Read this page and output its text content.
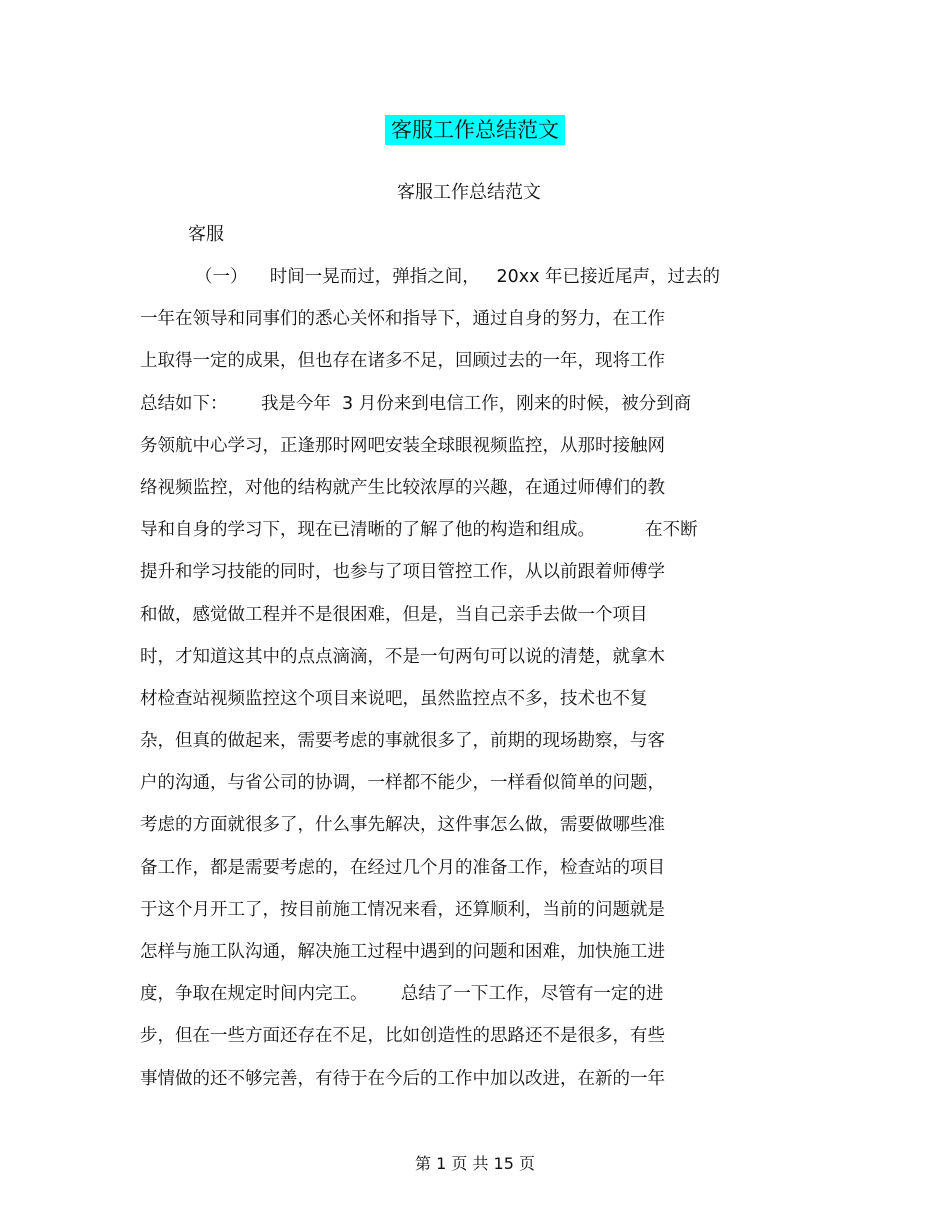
客服工作总结范文
客服工作总结范文
客服
（一）    时间一晃而过，弹指之间，   20xx 年已接近尾声，过去的
一年在领导和同事们的悉心关怀和指导下，通过自身的努力，在工作
上取得一定的成果，但也存在诸多不足，回顾过去的一年，现将工作
总结如下：      我是今年  3 月份来到电信工作，刚来的时候，被分到商
务领航中心学习，正逢那时网吧安装全球眼视频监控，从那时接触网
络视频监控，对他的结构就产生比较浓厚的兴趣，在通过师傅们的教
导和自身的学习下，现在已清晰的了解了他的构造和组成。         在不断
提升和学习技能的同时，也参与了项目管控工作，从以前跟着师傅学
和做，感觉做工程并不是很困难，但是，当自己亲手去做一个项目
时，才知道这其中的点点滴滴，不是一句两句可以说的清楚，就拿木
材检查站视频监控这个项目来说吧，虽然监控点不多，技术也不复
杂，但真的做起来，需要考虑的事就很多了，前期的现场勘察，与客
户的沟通，与省公司的协调，一样都不能少，一样看似简单的问题，
考虑的方面就很多了，什么事先解决，这件事怎么做，需要做哪些准
备工作，都是需要考虑的，在经过几个月的准备工作，检查站的项目
于这个月开工了，按目前施工情况来看，还算顺利，当前的问题就是
怎样与施工队沟通，解决施工过程中遇到的问题和困难，加快施工进
度，争取在规定时间内完工。      总结了一下工作，尽管有一定的进
步，但在一些方面还存在不足，比如创造性的思路还不是很多，有些
事情做的还不够完善，有待于在今后的工作中加以改进，在新的一年
第 1 页 共 15 页
